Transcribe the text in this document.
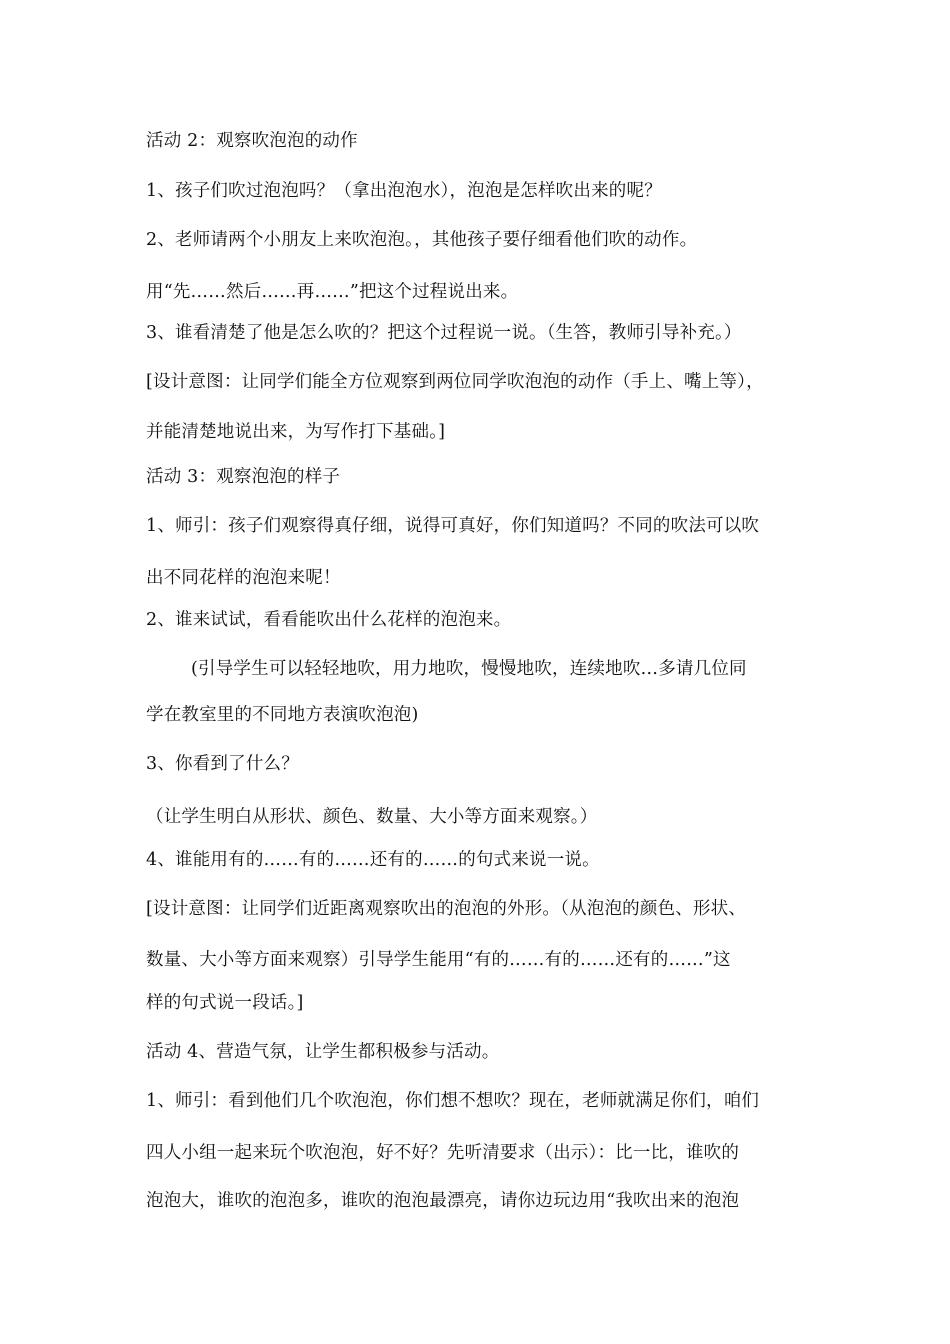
活动 2：观察吹泡泡的动作
1、孩子们吹过泡泡吗？（拿出泡泡水），泡泡是怎样吹出来的呢？
2、老师请两个小朋友上来吹泡泡。，其他孩子要仔细看他们吹的动作。
用“先……然后……再……”把这个过程说出来。
3、谁看清楚了他是怎么吹的？把这个过程说一说。（生答，教师引导补充。）
[设计意图：让同学们能全方位观察到两位同学吹泡泡的动作（手上、嘴上等），
并能清楚地说出来，为写作打下基础。]
活动 3：观察泡泡的样子
1、师引：孩子们观察得真仔细，说得可真好，你们知道吗？不同的吹法可以吹
出不同花样的泡泡来呢！
2、谁来试试，看看能吹出什么花样的泡泡来。
(引导学生可以轻轻地吹，用力地吹，慢慢地吹，连续地吹…多请几位同
学在教室里的不同地方表演吹泡泡)
3、你看到了什么？
（让学生明白从形状、颜色、数量、大小等方面来观察。）
4、谁能用有的……有的……还有的……的句式来说一说。
[设计意图：让同学们近距离观察吹出的泡泡的外形。（从泡泡的颜色、形状、
数量、大小等方面来观察）引导学生能用“有的……有的……还有的……”这
样的句式说一段话。]
活动 4、营造气氛，让学生都积极参与活动。
1、师引：看到他们几个吹泡泡，你们想不想吹？现在，老师就满足你们，咱们
四人小组一起来玩个吹泡泡，好不好？先听清要求（出示）：比一比，谁吹的
泡泡大，谁吹的泡泡多，谁吹的泡泡最漂亮，请你边玩边用“我吹出来的泡泡
